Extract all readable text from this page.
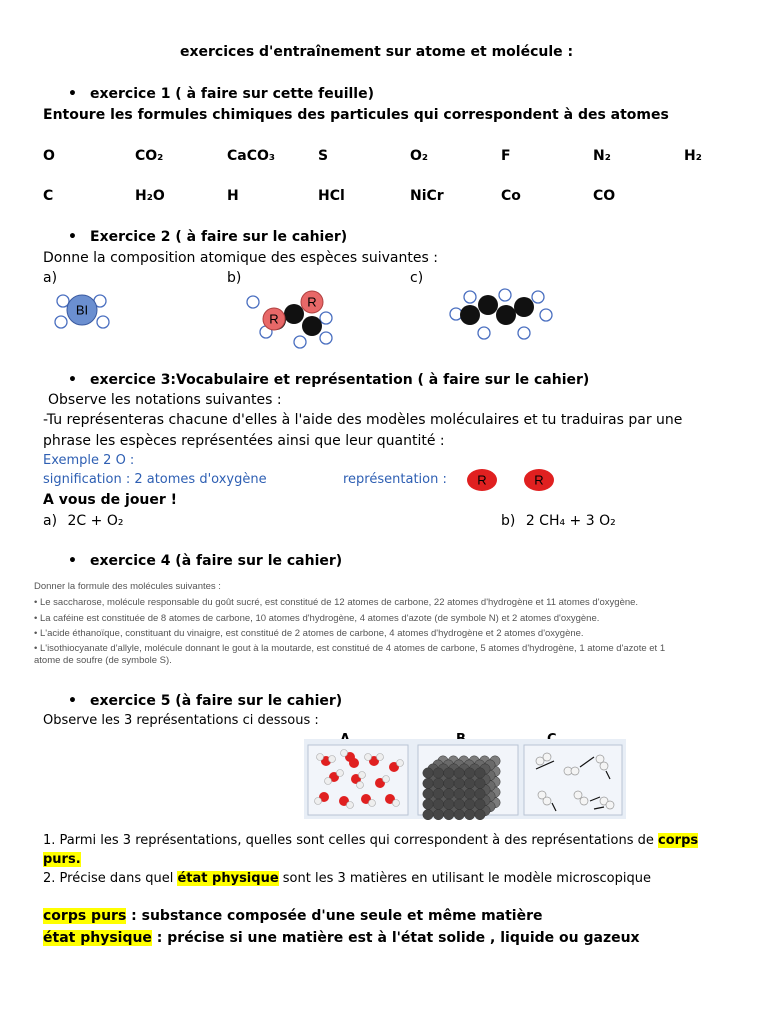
exercices d'entraînement sur atome et molécule :
• exercice 1 ( à faire sur cette feuille)
Entoure les formules chimiques des particules qui correspondent à des atomes
O	CO₂	CaCO₃	S	O₂	F	N₂	H₂
C	H₂O	H	HCl	NiCr	Co	CO
• Exercice 2 ( à faire sur le cahier)
Donne la composition atomique des espèces suivantes :
a)	b)	c)
BI
R
R
• exercice 3:Vocabulaire et représentation ( à faire sur le cahier)
Observe les notations suivantes :
-Tu représenteras chacune d'elles à l'aide des modèles moléculaires et tu traduiras par une
phrase les espèces représentées ainsi que leur quantité :
Exemple 2 O :
signification : 2 atomes d'oxygène	représentation : R	R
A vous de jouer !
a) 2C + O₂	b) 2 CH₄ + 3 O₂
• exercice 4 (à faire sur le cahier)
Donner la formule des molécules suivantes :
• Le saccharose, molécule responsable du goût sucré, est constitué de 12 atomes de carbone, 22 atomes d'hydrogène et 11 atomes d'oxygène.
• La caféine est constituée de 8 atomes de carbone, 10 atomes d'hydrogène, 4 atomes d'azote (de symbole N) et 2 atomes d'oxygène.
• L'acide éthanoïque, constituant du vinaigre, est constitué de 2 atomes de carbone, 4 atomes d'hydrogène et 2 atomes d'oxygène.
• L'isothiocyanate d'allyle, molécule donnant le gout à la moutarde, est constitué de 4 atomes de carbone, 5 atomes d'hydrogène, 1 atome d'azote et 1
atome de soufre (de symbole S).
• exercice 5 (à faire sur le cahier)
Observe les 3 représentations ci dessous :
1. Parmi les 3 représentations, quelles sont celles qui correspondent à des représentations de corps
purs.
2. Précise dans quel état physique sont les 3 matières en utilisant le modèle microscopique
corps purs : substance composée d'une seule et même matière
état physique : précise si une matière est à l'état solide , liquide ou gazeux
